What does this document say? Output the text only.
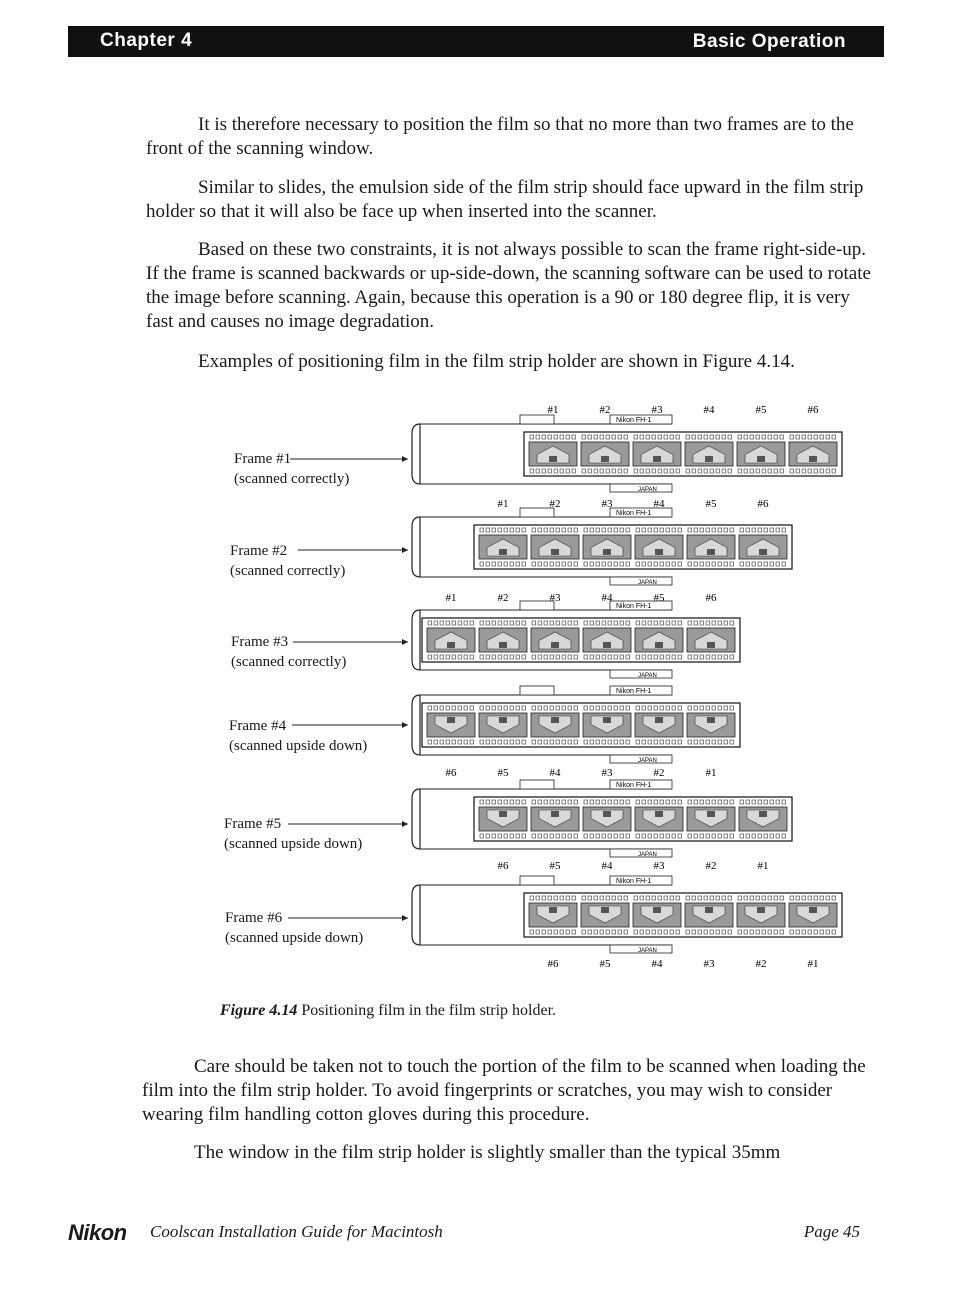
Chapter 4	Basic Operation

It is therefore necessary to position the film so that no more than two frames are to the front of the scanning window.

Similar to slides, the emulsion side of the film strip should face upward in the film strip holder so that it will also be face up when inserted into the scanner.

Based on these two constraints, it is not always possible to scan the frame right-side-up. If the frame is scanned backwards or up-side-down, the scanning software can be used to rotate the image before scanning. Again, because this operation is a 90 or 180 degree flip, it is very fast and causes no image degradation.

Examples of positioning film in the film strip holder are shown in Figure 4.14.

Frame #1
(scanned correctly)
Frame #2
(scanned correctly)
Frame #3
(scanned correctly)
Frame #4
(scanned upside down)
Frame #5
(scanned upside down)
Frame #6
(scanned upside down)
Nikon FH-1
JAPAN
#1	#2	#3	#4	#5	#6
Nikon FH-1
JAPAN
#1	#2	#3	#4	#5	#6
Nikon FH-1
JAPAN
#1	#2	#3	#4	#5	#6
Nikon FH-1
JAPAN
#6	#5	#4	#3	#2	#1
Nikon FH-1
JAPAN
#6	#5	#4	#3	#2	#1
Nikon FH-1
JAPAN
#6	#5	#4	#3	#2	#1
Figure 4.14 Positioning film in the film strip holder.

Care should be taken not to touch the portion of the film to be scanned when loading the film into the film strip holder. To avoid fingerprints or scratches, you may wish to consider wearing film handling cotton gloves during this procedure.

The window in the film strip holder is slightly smaller than the typical 35mm

Nikon Coolscan Installation Guide for Macintosh	Page 45
